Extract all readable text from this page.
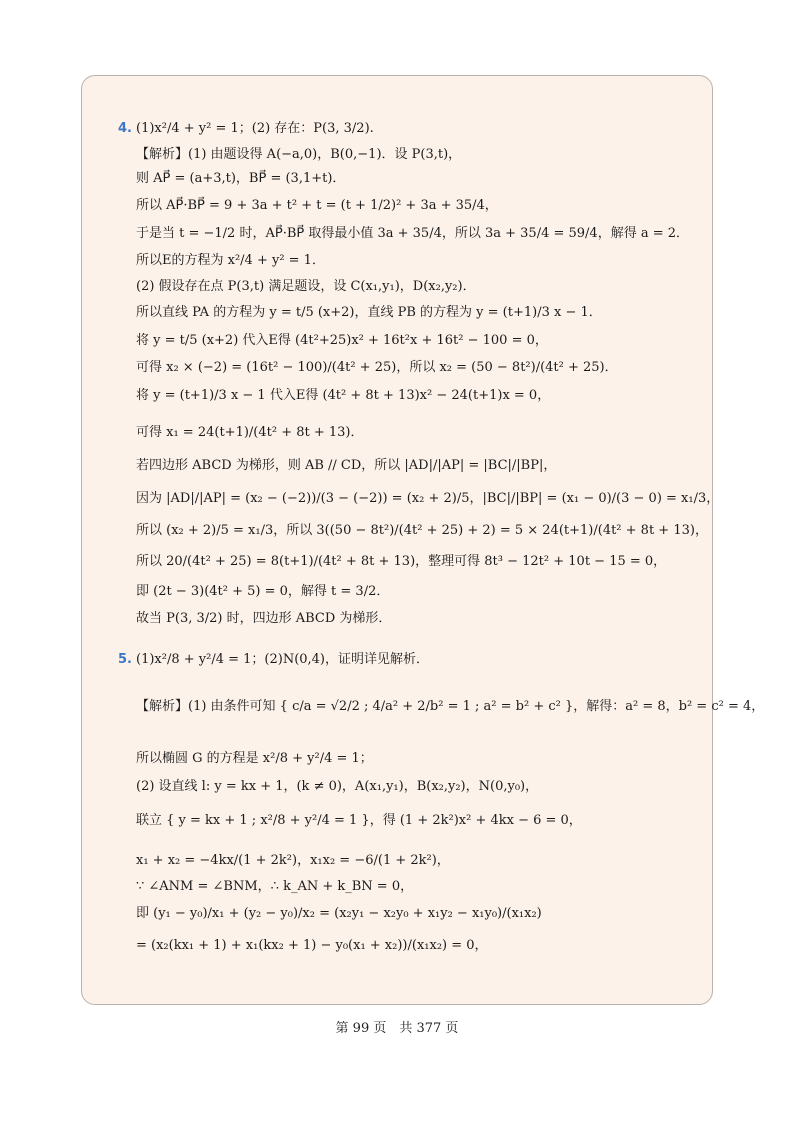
4. (1)x²/4 + y² = 1；(2) 存在：P(3, 3/2).
【解析】(1) 由题设得 A(−a,0)，B(0,−1)．设 P(3,t)，
则 AP⃗ = (a+3,t)，BP⃗ = (3,1+t)．
所以 AP⃗·BP⃗ = 9 + 3a + t² + t = (t + 1/2)² + 3a + 35/4，
于是当 t = −1/2 时，AP⃗·BP⃗ 取得最小值 3a + 35/4，所以 3a + 35/4 = 59/4，解得 a = 2．
所以E的方程为 x²/4 + y² = 1．
(2) 假设存在点 P(3,t) 满足题设，设 C(x₁,y₁)，D(x₂,y₂)．
所以直线 PA 的方程为 y = t/5 (x+2)，直线 PB 的方程为 y = (t+1)/3 x − 1．
将 y = t/5 (x+2) 代入E得 (4t²+25)x² + 16t²x + 16t² − 100 = 0，
可得 x₂ × (−2) = (16t² − 100)/(4t² + 25)，所以 x₂ = (50 − 8t²)/(4t² + 25)．
将 y = (t+1)/3 x − 1 代入E得 (4t² + 8t + 13)x² − 24(t+1)x = 0，
可得 x₁ = 24(t+1)/(4t² + 8t + 13)．
若四边形 ABCD 为梯形，则 AB // CD，所以 |AD|/|AP| = |BC|/|BP|，
因为 |AD|/|AP| = (x₂ − (−2))/(3 − (−2)) = (x₂ + 2)/5，|BC|/|BP| = (x₁ − 0)/(3 − 0) = x₁/3，
所以 (x₂ + 2)/5 = x₁/3，所以 3((50 − 8t²)/(4t² + 25) + 2) = 5 × 24(t+1)/(4t² + 8t + 13)，
所以 20/(4t² + 25) = 8(t+1)/(4t² + 8t + 13)，整理可得 8t³ − 12t² + 10t − 15 = 0，
即 (2t − 3)(4t² + 5) = 0，解得 t = 3/2．
故当 P(3, 3/2) 时，四边形 ABCD 为梯形．
5. (1)x²/8 + y²/4 = 1；(2)N(0,4)，证明详见解析．
【解析】(1) 由条件可知 { c/a = √2/2 ; 4/a² + 2/b² = 1 ; a² = b² + c² }，解得：a² = 8，b² = c² = 4，
所以椭圆 G 的方程是 x²/8 + y²/4 = 1；
(2) 设直线 l: y = kx + 1，(k ≠ 0)，A(x₁,y₁)，B(x₂,y₂)，N(0,y₀)，
联立 { y = kx + 1 ; x²/8 + y²/4 = 1 }，得 (1 + 2k²)x² + 4kx − 6 = 0，
x₁ + x₂ = −4kx/(1 + 2k²)，x₁x₂ = −6/(1 + 2k²)，
∵ ∠ANM = ∠BNM，∴ k_AN + k_BN = 0，
即 (y₁ − y₀)/x₁ + (y₂ − y₀)/x₂ = (x₂y₁ − x₂y₀ + x₁y₂ − x₁y₀)/(x₁x₂)
= (x₂(kx₁ + 1) + x₁(kx₂ + 1) − y₀(x₁ + x₂))/(x₁x₂) = 0，
第 99 页　共 377 页
